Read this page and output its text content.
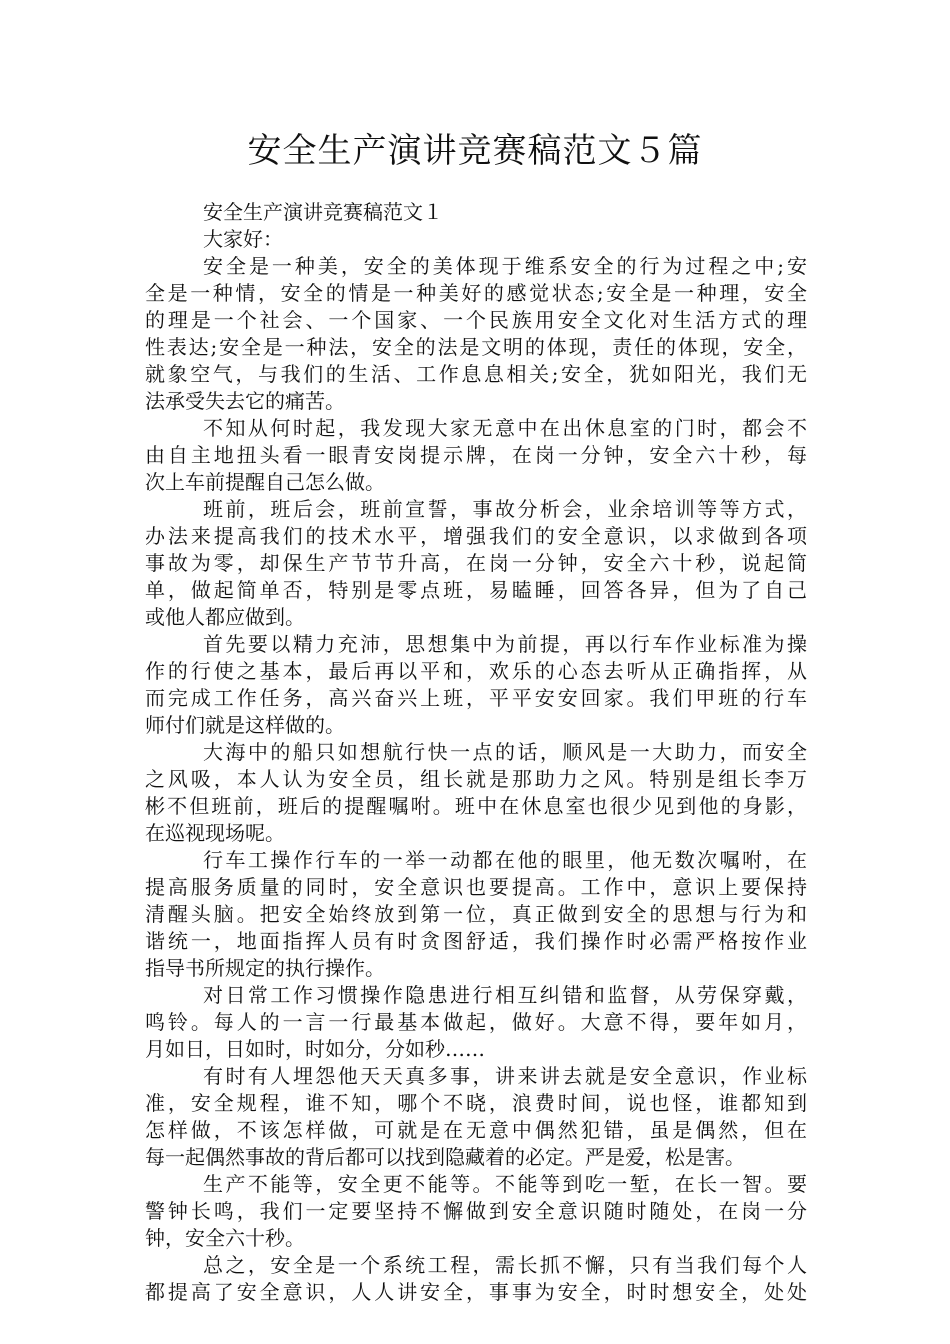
安全生产演讲竞赛稿范文５篇
安全生产演讲竞赛稿范文１
大家好：
安全是一种美，安全的美体现于维系安全的行为过程之中;安
全是一种情，安全的情是一种美好的感觉状态;安全是一种理，安全
的理是一个社会、一个国家、一个民族用安全文化对生活方式的理
性表达;安全是一种法，安全的法是文明的体现，责任的体现，安全，
就象空气，与我们的生活、工作息息相关;安全，犹如阳光，我们无
法承受失去它的痛苦。
不知从何时起，我发现大家无意中在出休息室的门时，都会不
由自主地扭头看一眼青安岗提示牌，在岗一分钟，安全六十秒，每
次上车前提醒自己怎么做。
班前，班后会，班前宣誓，事故分析会，业余培训等等方式，
办法来提高我们的技术水平，增强我们的安全意识，以求做到各项
事故为零，却保生产节节升高，在岗一分钟，安全六十秒，说起简
单，做起简单否，特别是零点班，易瞌睡，回答各异，但为了自己
或他人都应做到。
首先要以精力充沛，思想集中为前提，再以行车作业标准为操
作的行使之基本，最后再以平和，欢乐的心态去听从正确指挥，从
而完成工作任务，高兴奋兴上班，平平安安回家。我们甲班的行车
师付们就是这样做的。
大海中的船只如想航行快一点的话，顺风是一大助力，而安全
之风吸，本人认为安全员，组长就是那助力之风。特别是组长李万
彬不但班前，班后的提醒嘱咐。班中在休息室也很少见到他的身影，
在巡视现场呢。
行车工操作行车的一举一动都在他的眼里，他无数次嘱咐，在
提高服务质量的同时，安全意识也要提高。工作中，意识上要保持
清醒头脑。把安全始终放到第一位，真正做到安全的思想与行为和
谐统一，地面指挥人员有时贪图舒适，我们操作时必需严格按作业
指导书所规定的执行操作。
对日常工作习惯操作隐患进行相互纠错和监督，从劳保穿戴，
鸣铃。每人的一言一行最基本做起，做好。大意不得，要年如月，
月如日，日如时，时如分，分如秒……
有时有人埋怨他天天真多事，讲来讲去就是安全意识，作业标
准，安全规程，谁不知，哪个不晓，浪费时间，说也怪，谁都知到
怎样做，不该怎样做，可就是在无意中偶然犯错，虽是偶然，但在
每一起偶然事故的背后都可以找到隐藏着的必定。严是爱，松是害。
生产不能等，安全更不能等。不能等到吃一堑，在长一智。要
警钟长鸣，我们一定要坚持不懈做到安全意识随时随处，在岗一分
钟，安全六十秒。
总之，安全是一个系统工程，需长抓不懈，只有当我们每个人
都提高了安全意识，人人讲安全，事事为安全，时时想安全，处处
